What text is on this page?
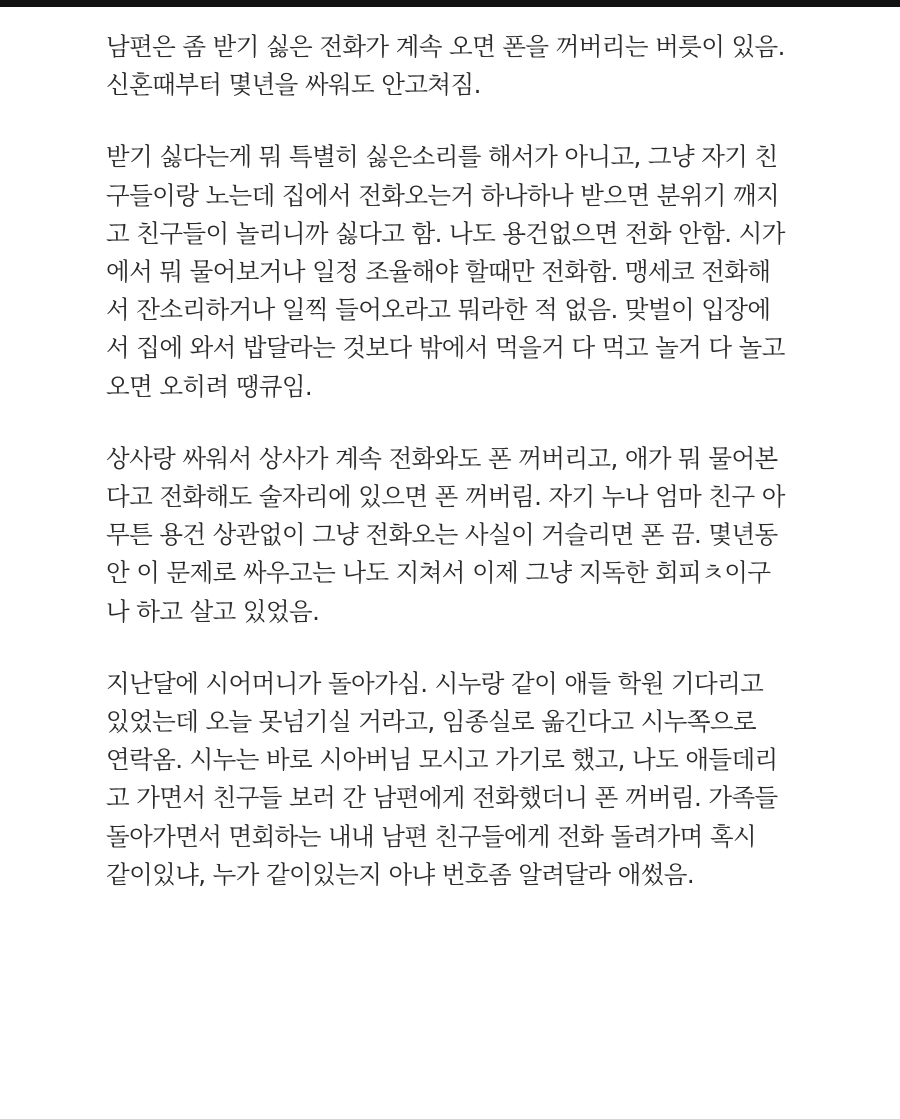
남편은 좀 받기 싫은 전화가 계속 오면 폰을 꺼버리는 버릇이 있음.
신혼때부터 몇년을 싸워도 안고쳐짐.

받기 싫다는게 뭐 특별히 싫은소리를 해서가 아니고, 그냥 자기 친
구들이랑 노는데 집에서 전화오는거 하나하나 받으면 분위기 깨지
고 친구들이 놀리니까 싫다고 함. 나도 용건없으면 전화 안함. 시가
에서 뭐 물어보거나 일정 조율해야 할때만 전화함. 맹세코 전화해
서 잔소리하거나 일찍 들어오라고 뭐라한 적 없음. 맞벌이 입장에
서 집에 와서 밥달라는 것보다 밖에서 먹을거 다 먹고 놀거 다 놀고
오면 오히려 땡큐임.

상사랑 싸워서 상사가 계속 전화와도 폰 꺼버리고, 애가 뭐 물어본
다고 전화해도 술자리에 있으면 폰 꺼버림. 자기 누나 엄마 친구 아
무튼 용건 상관없이 그냥 전화오는 사실이 거슬리면 폰 끔. 몇년동
안 이 문제로 싸우고는 나도 지쳐서 이제 그냥 지독한 회피ㅊ이구
나 하고 살고 있었음.

지난달에 시어머니가 돌아가심. 시누랑 같이 애들 학원 기다리고
있었는데 오늘 못넘기실 거라고, 임종실로 옮긴다고 시누쪽으로
연락옴. 시누는 바로 시아버님 모시고 가기로 했고, 나도 애들데리
고 가면서 친구들 보러 간 남편에게 전화했더니 폰 꺼버림. 가족들
돌아가면서 면회하는 내내 남편 친구들에게 전화 돌려가며 혹시
같이있냐, 누가 같이있는지 아냐 번호좀 알려달라 애썼음.
